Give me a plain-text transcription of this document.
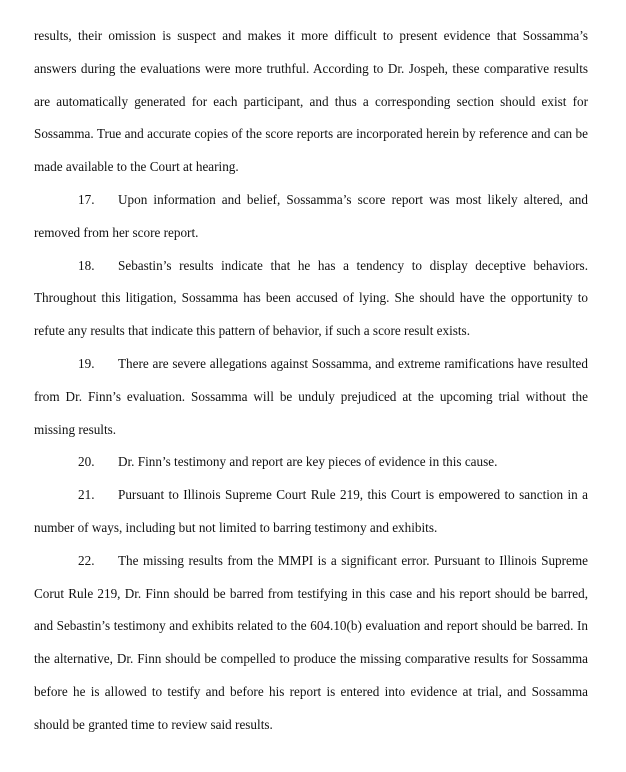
results, their omission is suspect and makes it more difficult to present evidence that Sossamma’s answers during the evaluations were more truthful. According to Dr. Jospeh, these comparative results are automatically generated for each participant, and thus a corresponding section should exist for Sossamma. True and accurate copies of the score reports are incorporated herein by reference and can be made available to the Court at hearing.

17. Upon information and belief, Sossamma’s score report was most likely altered, and removed from her score report.

18. Sebastin’s results indicate that he has a tendency to display deceptive behaviors. Throughout this litigation, Sossamma has been accused of lying. She should have the opportunity to refute any results that indicate this pattern of behavior, if such a score result exists.

19. There are severe allegations against Sossamma, and extreme ramifications have resulted from Dr. Finn’s evaluation. Sossamma will be unduly prejudiced at the upcoming trial without the missing results.

20. Dr. Finn’s testimony and report are key pieces of evidence in this cause.

21. Pursuant to Illinois Supreme Court Rule 219, this Court is empowered to sanction in a number of ways, including but not limited to barring testimony and exhibits.

22. The missing results from the MMPI is a significant error. Pursuant to Illinois Supreme Corut Rule 219, Dr. Finn should be barred from testifying in this case and his report should be barred, and Sebastin’s testimony and exhibits related to the 604.10(b) evaluation and report should be barred. In the alternative, Dr. Finn should be compelled to produce the missing comparative results for Sossamma before he is allowed to testify and before his report is entered into evidence at trial, and Sossamma should be granted time to review said results.
